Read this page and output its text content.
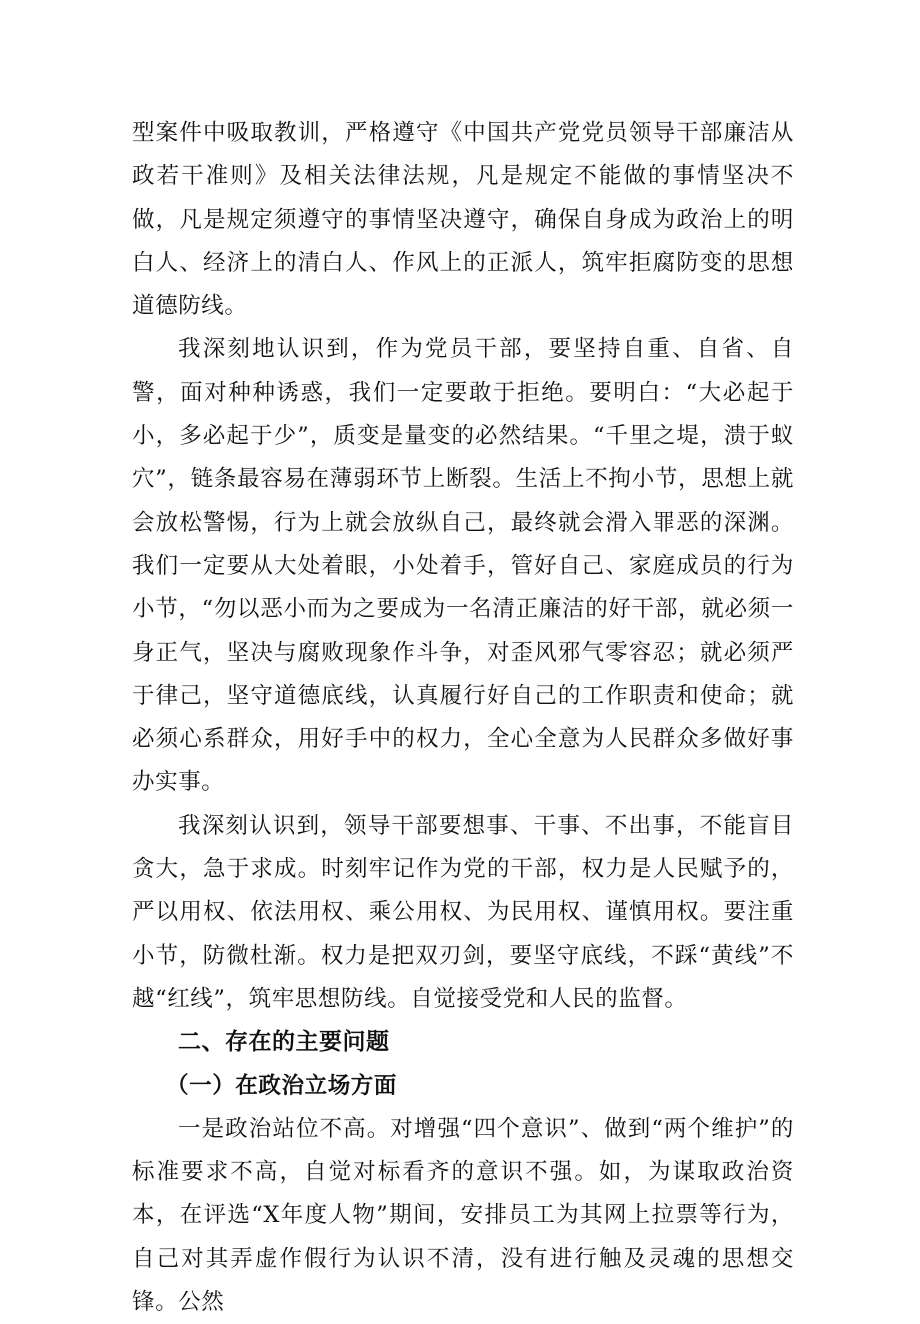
型案件中吸取教训，严格遵守《中国共产党党员领导干部廉洁从政若干准则》及相关法律法规，凡是规定不能做的事情坚决不做，凡是规定须遵守的事情坚决遵守，确保自身成为政治上的明白人、经济上的清白人、作风上的正派人，筑牢拒腐防变的思想道德防线。

我深刻地认识到，作为党员干部，要坚持自重、自省、自警，面对种种诱惑，我们一定要敢于拒绝。要明白：“大必起于小，多必起于少”，质变是量变的必然结果。“千里之堤，溃于蚁穴”，链条最容易在薄弱环节上断裂。生活上不拘小节，思想上就会放松警惕，行为上就会放纵自己，最终就会滑入罪恶的深渊。我们一定要从大处着眼，小处着手，管好自己、家庭成员的行为小节，“勿以恶小而为之要成为一名清正廉洁的好干部，就必须一身正气，坚决与腐败现象作斗争，对歪风邪气零容忍；就必须严于律己，坚守道德底线，认真履行好自己的工作职责和使命；就必须心系群众，用好手中的权力，全心全意为人民群众多做好事办实事。

我深刻认识到，领导干部要想事、干事、不出事，不能盲目贪大，急于求成。时刻牢记作为党的干部，权力是人民赋予的，严以用权、依法用权、乘公用权、为民用权、谨慎用权。要注重小节，防微杜渐。权力是把双刃剑，要坚守底线，不踩“黄线”不越“红线”，筑牢思想防线。自觉接受党和人民的监督。

二、存在的主要问题
（一）在政治立场方面

一是政治站位不高。对增强“四个意识”、做到“两个维护”的标准要求不高，自觉对标看齐的意识不强。如，为谋取政治资本，在评选“X年度人物”期间，安排员工为其网上拉票等行为，自己对其弄虚作假行为认识不清，没有进行触及灵魂的思想交锋。公然
